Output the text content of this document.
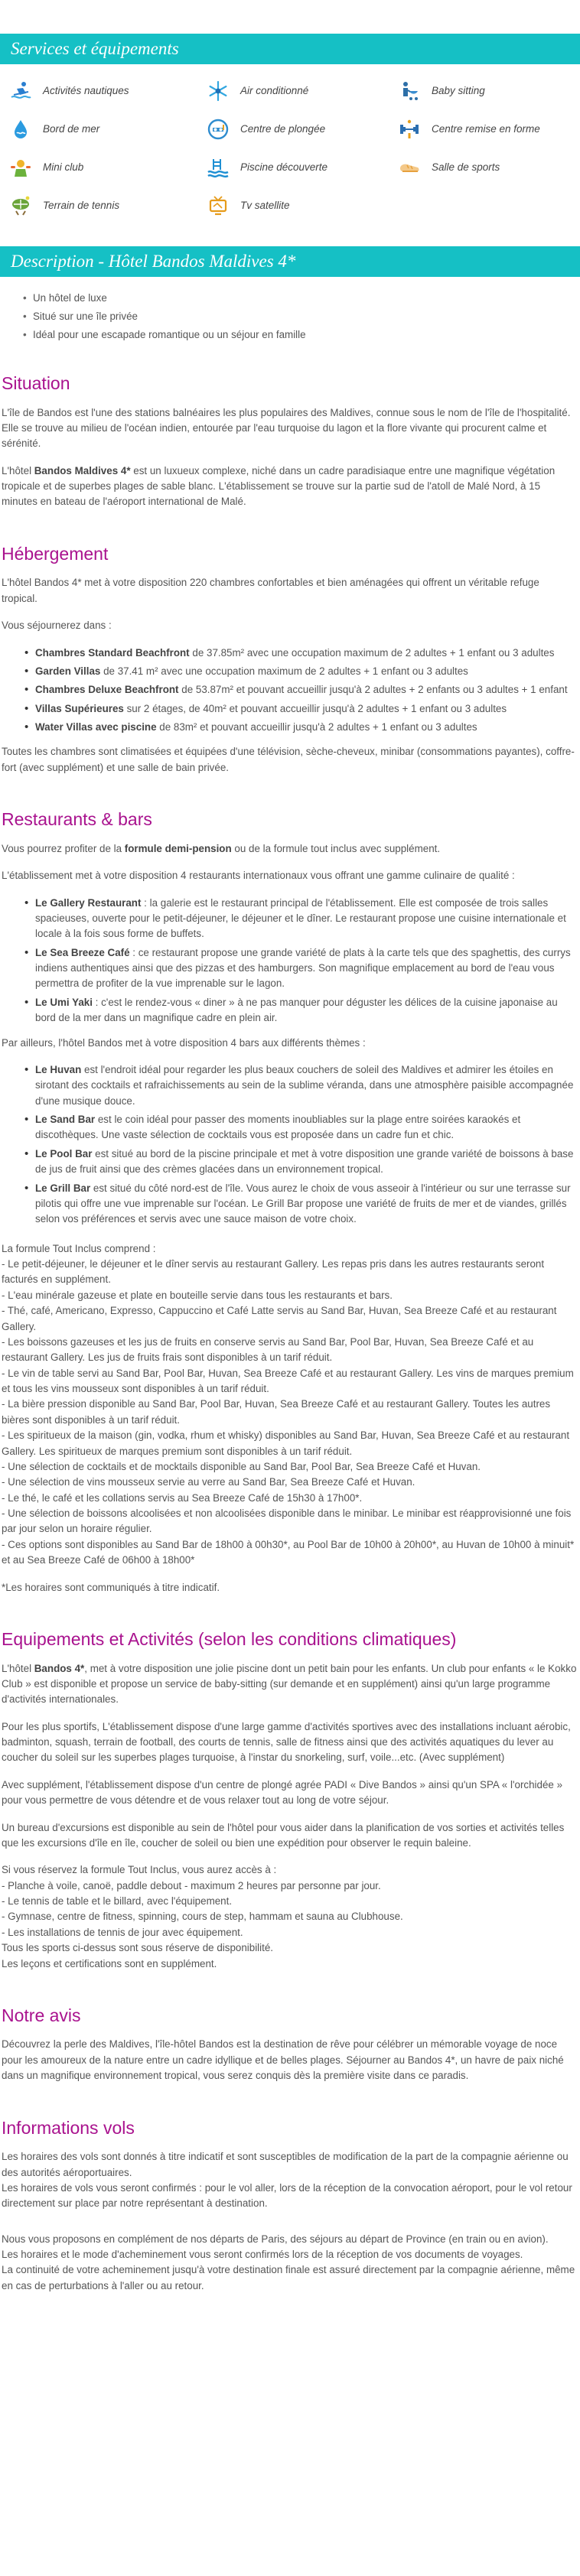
Services et équipements
Activités nautiques	Air conditionné	Baby sitting
Bord de mer	Centre de plongée	Centre remise en forme
Mini club	Piscine découverte	Salle de sports
Terrain de tennis	Tv satellite
Description - Hôtel Bandos Maldives 4*
• Un hôtel de luxe
• Situé sur une île privée
• Idéal pour une escapade romantique ou un séjour en famille
Situation

L'île de Bandos est l'une des stations balnéaires les plus populaires des Maldives, connue sous le nom de l'île de l'hospitalité. Elle se trouve au milieu de l'océan indien, entourée par l'eau turquoise du lagon et la flore vivante qui procurent calme et sérénité.

L'hôtel Bandos Maldives 4* est un luxueux complexe, niché dans un cadre paradisiaque entre une magnifique végétation tropicale et de superbes plages de sable blanc. L'établissement se trouve sur la partie sud de l'atoll de Malé Nord, à 15 minutes en bateau de l'aéroport international de Malé.

Hébergement

L'hôtel Bandos 4* met à votre disposition 220 chambres confortables et bien aménagées qui offrent un véritable refuge tropical.

Vous séjournerez dans :

• Chambres Standard Beachfront de 37.85m² avec une occupation maximum de 2 adultes + 1 enfant ou 3 adultes
• Garden Villas de 37.41 m² avec une occupation maximum de 2 adultes + 1 enfant ou 3 adultes
• Chambres Deluxe Beachfront de 53.87m² et pouvant accueillir jusqu'à 2 adultes + 2 enfants ou 3 adultes + 1 enfant
• Villas Supérieures sur 2 étages, de 40m² et pouvant accueillir jusqu'à 2 adultes + 1 enfant ou 3 adultes
• Water Villas avec piscine de 83m² et pouvant accueillir jusqu'à 2 adultes + 1 enfant ou 3 adultes

Toutes les chambres sont climatisées et équipées d'une télévision, sèche-cheveux, minibar (consommations payantes), coffre-fort (avec supplément) et une salle de bain privée.

Restaurants & bars

Vous pourrez profiter de la formule demi-pension ou de la formule tout inclus avec supplément.

L'établissement met à votre disposition 4 restaurants internationaux vous offrant une gamme culinaire de qualité :

• Le Gallery Restaurant : la galerie est le restaurant principal de l'établissement. Elle est composée de trois salles spacieuses, ouverte pour le petit-déjeuner, le déjeuner et le dîner. Le restaurant propose une cuisine internationale et locale à la fois sous forme de buffets.
• Le Sea Breeze Café : ce restaurant propose une grande variété de plats à la carte tels que des spaghettis, des currys indiens authentiques ainsi que des pizzas et des hamburgers. Son magnifique emplacement au bord de l'eau vous permettra de profiter de la vue imprenable sur le lagon.
• Le Umi Yaki : c'est le rendez-vous « diner » à ne pas manquer pour déguster les délices de la cuisine japonaise au bord de la mer dans un magnifique cadre en plein air.

Par ailleurs, l'hôtel Bandos met à votre disposition 4 bars aux différents thèmes :

• Le Huvan est l'endroit idéal pour regarder les plus beaux couchers de soleil des Maldives et admirer les étoiles en sirotant des cocktails et rafraichissements au sein de la sublime véranda, dans une atmosphère paisible accompagnée d'une musique douce.
• Le Sand Bar est le coin idéal pour passer des moments inoubliables sur la plage entre soirées karaokés et discothèques. Une vaste sélection de cocktails vous est proposée dans un cadre fun et chic.
• Le Pool Bar est situé au bord de la piscine principale et met à votre disposition une grande variété de boissons à base de jus de fruit ainsi que des crèmes glacées dans un environnement tropical.
• Le Grill Bar est situé du côté nord-est de l'île. Vous aurez le choix de vous asseoir à l'intérieur ou sur une terrasse sur pilotis qui offre une vue imprenable sur l'océan. Le Grill Bar propose une variété de fruits de mer et de viandes, grillés selon vos préférences et servis avec une sauce maison de votre choix.

La formule Tout Inclus comprend :
- Le petit-déjeuner, le déjeuner et le dîner servis au restaurant Gallery. Les repas pris dans les autres restaurants seront facturés en supplément.
- L'eau minérale gazeuse et plate en bouteille servie dans tous les restaurants et bars.
- Thé, café, Americano, Expresso, Cappuccino et Café Latte servis au Sand Bar, Huvan, Sea Breeze Café et au restaurant Gallery.
- Les boissons gazeuses et les jus de fruits en conserve servis au Sand Bar, Pool Bar, Huvan, Sea Breeze Café et au restaurant Gallery. Les jus de fruits frais sont disponibles à un tarif réduit.
- Le vin de table servi au Sand Bar, Pool Bar, Huvan, Sea Breeze Café et au restaurant Gallery. Les vins de marques premium et tous les vins mousseux sont disponibles à un tarif réduit.
- La bière pression disponible au Sand Bar, Pool Bar, Huvan, Sea Breeze Café et au restaurant Gallery. Toutes les autres bières sont disponibles à un tarif réduit.
- Les spiritueux de la maison (gin, vodka, rhum et whisky) disponibles au Sand Bar, Huvan, Sea Breeze Café et au restaurant Gallery. Les spiritueux de marques premium sont disponibles à un tarif réduit.
- Une sélection de cocktails et de mocktails disponible au Sand Bar, Pool Bar, Sea Breeze Café et Huvan.
- Une sélection de vins mousseux servie au verre au Sand Bar, Sea Breeze Café et Huvan.
- Le thé, le café et les collations servis au Sea Breeze Café de 15h30 à 17h00*.
- Une sélection de boissons alcoolisées et non alcoolisées disponible dans le minibar. Le minibar est réapprovisionné une fois par jour selon un horaire régulier.
- Ces options sont disponibles au Sand Bar de 18h00 à 00h30*, au Pool Bar de 10h00 à 20h00*, au Huvan de 10h00 à minuit* et au Sea Breeze Café de 06h00 à 18h00*

*Les horaires sont communiqués à titre indicatif.

Equipements et Activités (selon les conditions climatiques)

L'hôtel Bandos 4*, met à votre disposition une jolie piscine dont un petit bain pour les enfants. Un club pour enfants « le Kokko Club » est disponible et propose un service de baby-sitting (sur demande et en supplément) ainsi qu'un large programme d'activités internationales.

Pour les plus sportifs, L'établissement dispose d'une large gamme d'activités sportives avec des installations incluant aérobic, badminton, squash, terrain de football, des courts de tennis, salle de fitness ainsi que des activités aquatiques du lever au coucher du soleil sur les superbes plages turquoise, à l'instar du snorkeling, surf, voile...etc. (Avec supplément)

Avec supplément, l'établissement dispose d'un centre de plongé agrée PADI « Dive Bandos » ainsi qu'un SPA « l'orchidée » pour vous permettre de vous détendre et de vous relaxer tout au long de votre séjour.

Un bureau d'excursions est disponible au sein de l'hôtel pour vous aider dans la planification de vos sorties et activités telles que les excursions d'île en île, coucher de soleil ou bien une expédition pour observer le requin baleine.

Si vous réservez la formule Tout Inclus, vous aurez accès à :
- Planche à voile, canoë, paddle debout - maximum 2 heures par personne par jour.
- Le tennis de table et le billard, avec l'équipement.
- Gymnase, centre de fitness, spinning, cours de step, hammam et sauna au Clubhouse.
- Les installations de tennis de jour avec équipement.
Tous les sports ci-dessus sont sous réserve de disponibilité.
Les leçons et certifications sont en supplément.

Notre avis

Découvrez la perle des Maldives, l'île-hôtel Bandos est la destination de rêve pour célébrer un mémorable voyage de noce pour les amoureux de la nature entre un cadre idyllique et de belles plages. Séjourner au Bandos 4*, un havre de paix niché dans un magnifique environnement tropical, vous serez conquis dès la première visite dans ce paradis.

Informations vols

Les horaires des vols sont donnés à titre indicatif et sont susceptibles de modification de la part de la compagnie aérienne ou des autorités aéroportuaires.
Les horaires de vols vous seront confirmés : pour le vol aller, lors de la réception de la convocation aéroport, pour le vol retour directement sur place par notre représentant à destination.

Nous vous proposons en complément de nos départs de Paris, des séjours au départ de Province (en train ou en avion).
Les horaires et le mode d'acheminement vous seront confirmés lors de la réception de vos documents de voyages.
La continuité de votre acheminement jusqu'à votre destination finale est assuré directement par la compagnie aérienne, même en cas de perturbations à l'aller ou au retour.
